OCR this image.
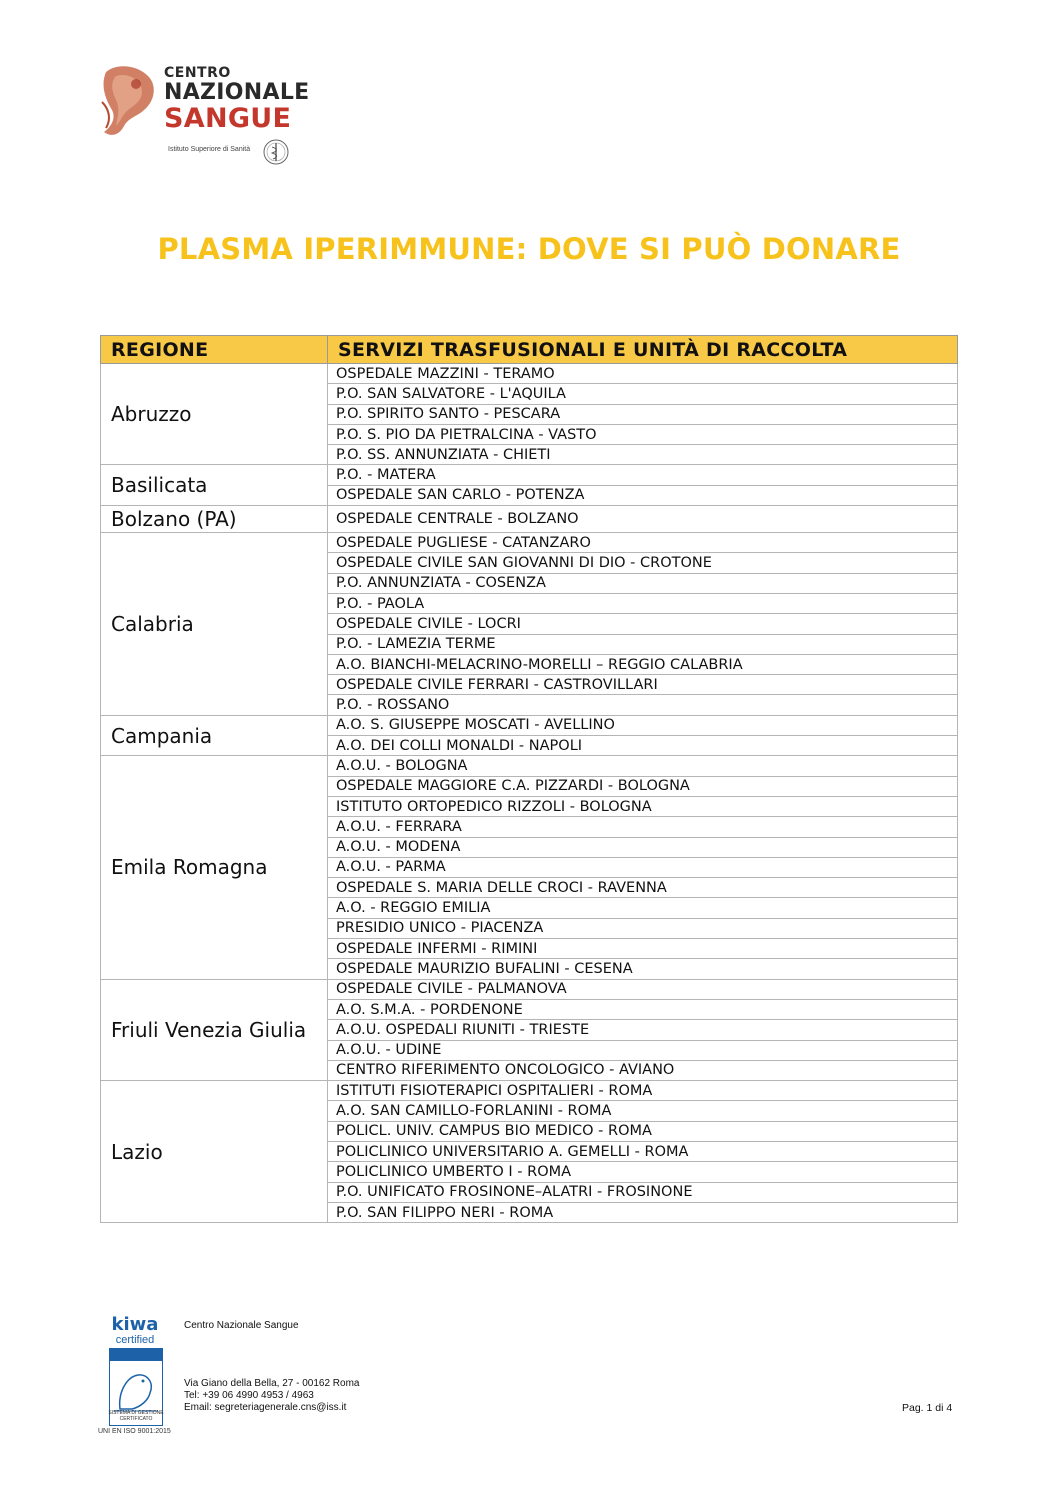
CENTRO
NAZIONALE
SANGUE
Istituto Superiore di Sanità
PLASMA IPERIMMUNE: DOVE SI PUÒ DONARE
REGIONE	SERVIZI TRASFUSIONALI E UNITÀ DI RACCOLTA
Abruzzo	OSPEDALE MAZZINI - TERAMO
	P.O. SAN SALVATORE - L'AQUILA
	P.O. SPIRITO SANTO - PESCARA
	P.O. S. PIO DA PIETRALCINA - VASTO
	P.O. SS. ANNUNZIATA - CHIETI
Basilicata	P.O. - MATERA
	OSPEDALE SAN CARLO - POTENZA
Bolzano (PA)	OSPEDALE CENTRALE - BOLZANO
Calabria	OSPEDALE PUGLIESE - CATANZARO
	OSPEDALE CIVILE SAN GIOVANNI DI DIO - CROTONE
	P.O. ANNUNZIATA - COSENZA
	P.O. - PAOLA
	OSPEDALE CIVILE - LOCRI
	P.O. - LAMEZIA TERME
	A.O. BIANCHI-MELACRINO-MORELLI – REGGIO CALABRIA
	OSPEDALE CIVILE FERRARI - CASTROVILLARI
	P.O. - ROSSANO
Campania	A.O. S. GIUSEPPE MOSCATI - AVELLINO
	A.O. DEI COLLI MONALDI - NAPOLI
Emila Romagna	A.O.U. - BOLOGNA
	OSPEDALE MAGGIORE C.A. PIZZARDI - BOLOGNA
	ISTITUTO ORTOPEDICO RIZZOLI - BOLOGNA
	A.O.U. - FERRARA
	A.O.U. - MODENA
	A.O.U. - PARMA
	OSPEDALE S. MARIA DELLE CROCI - RAVENNA
	A.O. - REGGIO EMILIA
	PRESIDIO UNICO - PIACENZA
	OSPEDALE INFERMI - RIMINI
	OSPEDALE MAURIZIO BUFALINI - CESENA
Friuli Venezia Giulia	OSPEDALE CIVILE - PALMANOVA
	A.O. S.M.A. - PORDENONE
	A.O.U. OSPEDALI RIUNITI - TRIESTE
	A.O.U. - UDINE
	CENTRO RIFERIMENTO ONCOLOGICO - AVIANO
Lazio	ISTITUTI FISIOTERAPICI OSPITALIERI - ROMA
	A.O. SAN CAMILLO-FORLANINI - ROMA
	POLICL. UNIV. CAMPUS BIO MEDICO - ROMA
	POLICLINICO UNIVERSITARIO A. GEMELLI - ROMA
	POLICLINICO UMBERTO I - ROMA
	P.O. UNIFICATO FROSINONE–ALATRI - FROSINONE
	P.O. SAN FILIPPO NERI - ROMA
kiwa
certified
SISTEMA DI GESTIONE CERTIFICATO
UNI EN ISO 9001:2015
Centro Nazionale Sangue
Via Giano della Bella, 27 - 00162 Roma
Tel: +39 06 4990 4953 / 4963
Email: segreteriagenerale.cns@iss.it	Pag. 1 di 4
